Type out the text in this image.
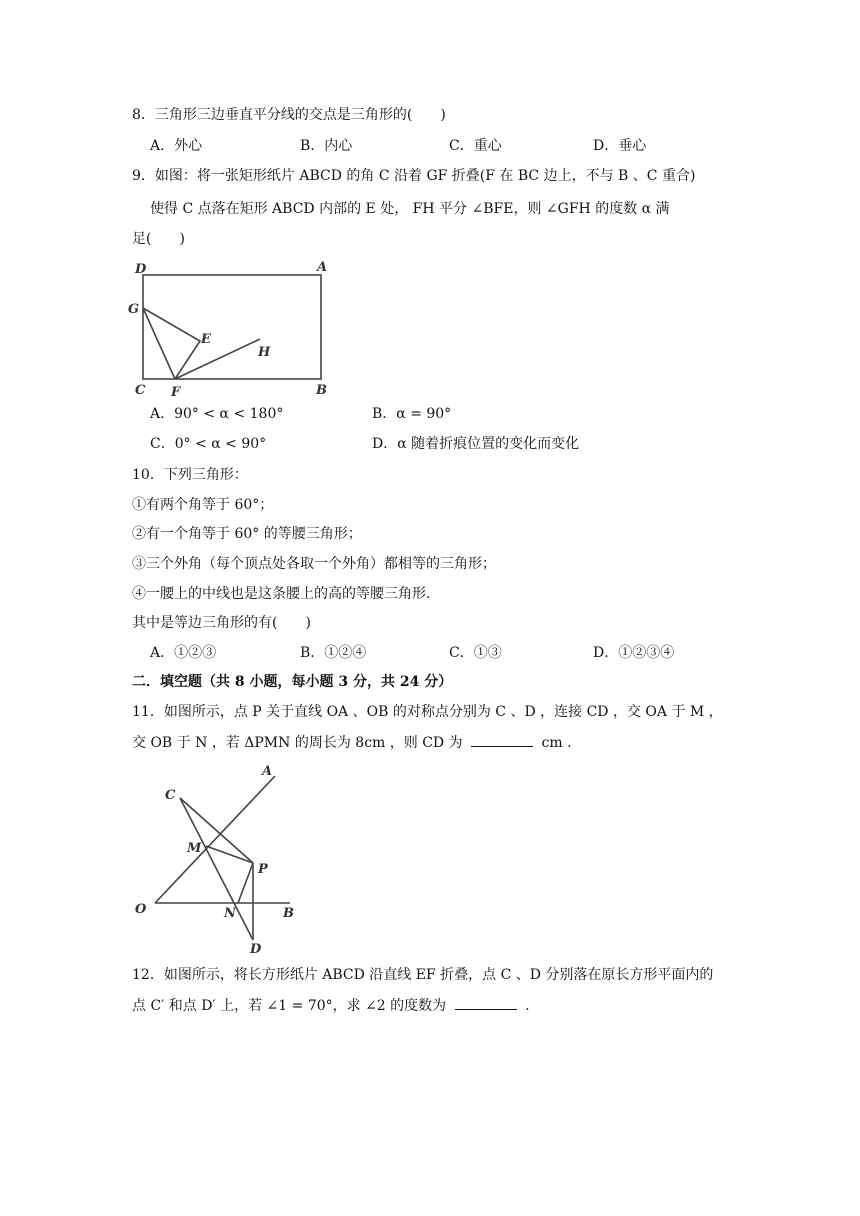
8．三角形三边垂直平分线的交点是三角形的(　　)
A．外心	B．内心	C．重心	D．垂心
9．如图：将一张矩形纸片 ABCD 的角 C 沿着 GF 折叠(F 在 BC 边上，不与 B 、C 重合)
使得 C 点落在矩形 ABCD 内部的 E 处， FH 平分 ∠BFE，则 ∠GFH 的度数 α 满
足(　　)
D	A
G
E
H
C F	B
A．90° < α < 180°	B．α = 90°
C．0° < α < 90°	D．α 随着折痕位置的变化而变化
10．下列三角形：
①有两个角等于 60°；
②有一个角等于 60° 的等腰三角形；
③三个外角（每个顶点处各取一个外角）都相等的三角形；
④一腰上的中线也是这条腰上的高的等腰三角形.
其中是等边三角形的有(　　)
A．①②③	B．①②④	C．①③	D．①②③④
二．填空题（共 8 小题，每小题 3 分，共 24 分）
11．如图所示，点 P 关于直线 OA 、OB 的对称点分别为 C 、D ，连接 CD ，交 OA 于 M ，
交 OB 于 N ，若 ΔPMN 的周长为 8cm ，则 CD 为	cm .
A
C
M
P
O	N	B
D
12．如图所示，将长方形纸片 ABCD 沿直线 EF 折叠，点 C 、D 分别落在原长方形平面内的
点 C′ 和点 D′ 上，若 ∠1 = 70°，求 ∠2 的度数为	.
